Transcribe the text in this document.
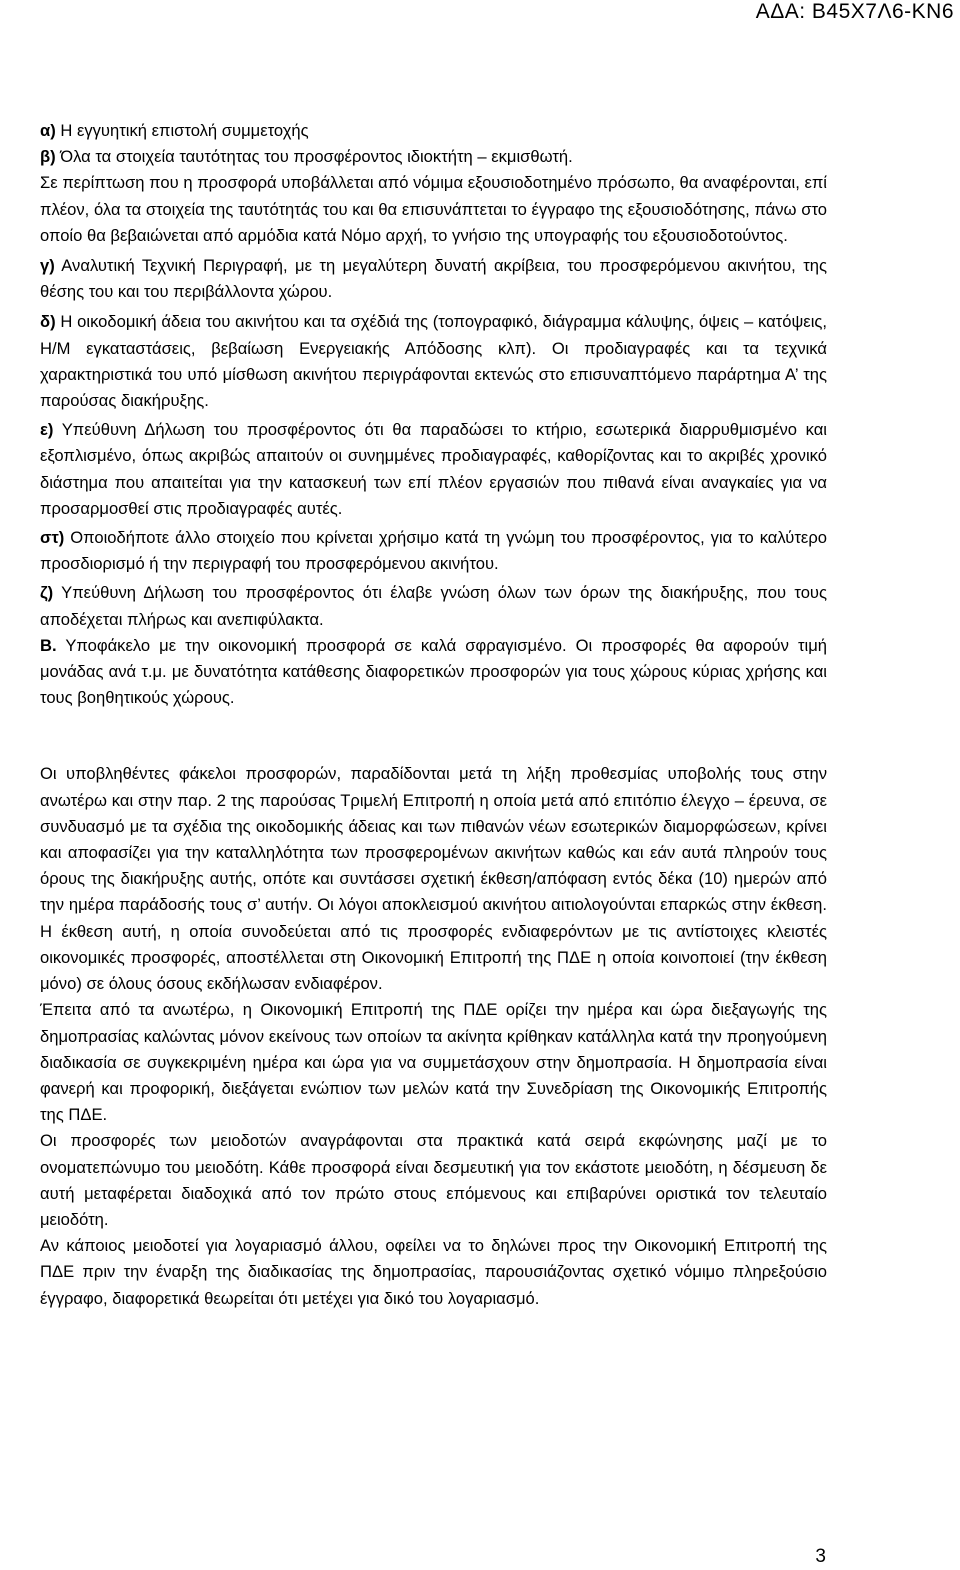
ΑΔΑ: Β45Χ7Λ6-ΚΝ6

α) Η εγγυητική επιστολή συμμετοχής

β) Όλα τα στοιχεία ταυτότητας του προσφέροντος ιδιοκτήτη – εκμισθωτή.

Σε περίπτωση που η προσφορά υποβάλλεται από νόμιμα εξουσιοδοτημένο πρόσωπο, θα αναφέρονται, επί πλέον, όλα τα στοιχεία της ταυτότητάς του και θα επισυνάπτεται το έγγραφο της εξουσιοδότησης, πάνω στο οποίο θα βεβαιώνεται από αρμόδια κατά Νόμο αρχή, το γνήσιο της υπογραφής του εξουσιοδοτούντος.

γ) Αναλυτική Τεχνική Περιγραφή, με τη μεγαλύτερη δυνατή ακρίβεια, του προσφερόμενου ακινήτου, της θέσης του και του περιβάλλοντα χώρου.

δ) Η οικοδομική άδεια του ακινήτου και τα σχέδιά της (τοπογραφικό, διάγραμμα κάλυψης, όψεις – κατόψεις, Η/Μ εγκαταστάσεις, βεβαίωση Ενεργειακής Απόδοσης κλπ). Οι προδιαγραφές και τα τεχνικά χαρακτηριστικά του υπό μίσθωση ακινήτου περιγράφονται εκτενώς στο επισυναπτόμενο παράρτημα Α’ της παρούσας διακήρυξης.

ε) Υπεύθυνη Δήλωση του προσφέροντος ότι θα παραδώσει το κτήριο, εσωτερικά διαρρυθμισμένο και εξοπλισμένο, όπως ακριβώς απαιτούν οι συνημμένες προδιαγραφές, καθορίζοντας και το ακριβές χρονικό διάστημα που απαιτείται για την κατασκευή των επί πλέον εργασιών που πιθανά είναι αναγκαίες για να προσαρμοσθεί στις προδιαγραφές αυτές.

στ) Οποιοδήποτε άλλο στοιχείο που κρίνεται χρήσιμο κατά τη γνώμη του προσφέροντος, για το καλύτερο προσδιορισμό ή την περιγραφή του προσφερόμενου ακινήτου.

ζ) Υπεύθυνη Δήλωση του προσφέροντος ότι έλαβε γνώση όλων των όρων της διακήρυξης, που τους αποδέχεται πλήρως και ανεπιφύλακτα.

Β. Υποφάκελο με την οικονομική προσφορά σε καλά σφραγισμένο. Οι προσφορές θα αφορούν τιμή μονάδας ανά τ.μ. με δυνατότητα κατάθεσης διαφορετικών προσφορών για τους χώρους κύριας χρήσης και τους βοηθητικούς χώρους.

Οι υποβληθέντες φάκελοι προσφορών, παραδίδονται μετά τη λήξη προθεσμίας υποβολής τους στην ανωτέρω και στην παρ. 2 της παρούσας Τριμελή Επιτροπή η οποία μετά από επιτόπιο έλεγχο – έρευνα, σε συνδυασμό με τα σχέδια της οικοδομικής άδειας και των πιθανών νέων εσωτερικών διαμορφώσεων, κρίνει και αποφασίζει για την καταλληλότητα των προσφερομένων ακινήτων καθώς και εάν αυτά πληρούν τους όρους της διακήρυξης αυτής, οπότε και συντάσσει σχετική έκθεση/απόφαση εντός δέκα (10) ημερών από την ημέρα παράδοσής τους σ’ αυτήν. Οι λόγοι αποκλεισμού ακινήτου αιτιολογούνται επαρκώς στην έκθεση. Η έκθεση αυτή, η οποία συνοδεύεται από τις προσφορές ενδιαφερόντων με τις αντίστοιχες κλειστές οικονομικές προσφορές, αποστέλλεται στη Οικονομική Επιτροπή της ΠΔΕ η οποία κοινοποιεί (την έκθεση μόνο) σε όλους όσους εκδήλωσαν ενδιαφέρον.

Έπειτα από τα ανωτέρω, η Οικονομική Επιτροπή της ΠΔΕ ορίζει την ημέρα και ώρα διεξαγωγής της δημοπρασίας καλώντας μόνον εκείνους των οποίων τα ακίνητα κρίθηκαν κατάλληλα κατά την προηγούμενη διαδικασία σε συγκεκριμένη ημέρα και ώρα για να συμμετάσχουν στην δημοπρασία. Η δημοπρασία είναι φανερή και προφορική, διεξάγεται ενώπιον των μελών κατά την Συνεδρίαση της Οικονομικής Επιτροπής της ΠΔΕ.

Οι προσφορές των μειοδοτών αναγράφονται στα πρακτικά κατά σειρά εκφώνησης μαζί με το ονοματεπώνυμο του μειοδότη. Κάθε προσφορά είναι δεσμευτική για τον εκάστοτε μειοδότη, η δέσμευση δε αυτή μεταφέρεται διαδοχικά από τον πρώτο στους επόμενους και επιβαρύνει οριστικά τον τελευταίο μειοδότη.

Αν κάποιος μειοδοτεί για λογαριασμό άλλου, οφείλει να το δηλώνει προς την Οικονομική Επιτροπή της ΠΔΕ πριν την έναρξη της διαδικασίας της δημοπρασίας, παρουσιάζοντας σχετικό νόμιμο πληρεξούσιο έγγραφο, διαφορετικά θεωρείται ότι μετέχει για δικό του λογαριασμό.

3
